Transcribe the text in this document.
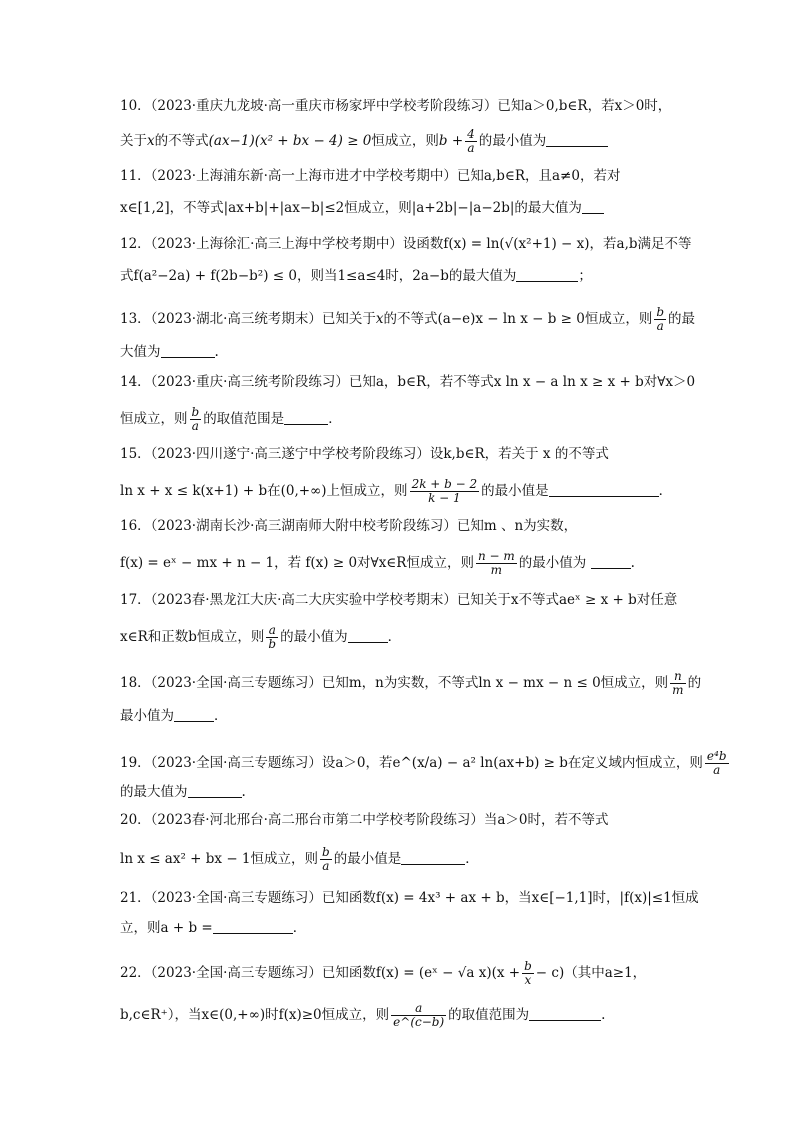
10．（2023·重庆九龙坡·高一重庆市杨家坪中学校考阶段练习）已知a＞0,b∈R，若x＞0时，
关于x的不等式(ax−1)(x² + bx − 4) ≥ 0恒成立，则$b + \frac{4}{a}$ 的最小值为
11．（2023·上海浦东新·高一上海市进才中学校考期中）已知a,b∈R，且a≠0，若对
x∈[1,2]，不等式|ax+b|+|ax−b|≤2恒成立，则|a+2b|−|a−2b|的最大值为
12．（2023·上海徐汇·高三上海中学校考期中）设函数f(x) = ln(√(x²+1) − x)，若a,b满足不等
式f(a²−2a) + f(2b−b²) ≤ 0，则当1≤a≤4时，2a−b的最大值为	；
13．（2023·湖北·高三统考期末）已知关于x的不等式(a−e)x − ln x − b ≥ 0恒成立，则 $\frac{b}{a}$ 的最
大值为	.
14．（2023·重庆·高三统考阶段练习）已知a，b∈R，若不等式x ln x − a ln x ≥ x + b对∀x＞0
恒成立，则 $\frac{b}{a}$ 的取值范围是	．
15．（2023·四川遂宁·高三遂宁中学校考阶段练习）设k,b∈R，若关于 x 的不等式
ln x + x ≤ k(x+1) + b在(0,+∞)上恒成立，则 $\frac{2k + b - 2}{k - 1}$ 的最小值是	．
16．（2023·湖南长沙·高三湖南师大附中校考阶段练习）已知m 、n为实数，
f(x) = eˣ − mx + n − 1，若 f(x) ≥ 0对∀x∈R恒成立，则 $\frac{n - m}{m}$ 的最小值为	.
17．（2023春·黑龙江大庆·高二大庆实验中学校考期末）已知关于x不等式aeˣ ≥ x + b对任意
x∈R和正数b恒成立，则 $\frac{a}{b}$ 的最小值为	．
18．（2023·全国·高三专题练习）已知m，n为实数，不等式ln x − mx − n ≤ 0恒成立，则 $\frac{n}{m}$ 的
最小值为	．
19．（2023·全国·高三专题练习）设a＞0，若e^(x/a) − a² ln(ax+b) ≥ b在定义域内恒成立，则 $\frac{\text{e⁴b}}{a}$
的最大值为	.
20．（2023春·河北邢台·高二邢台市第二中学校考阶段练习）当a＞0时，若不等式
ln x ≤ ax² + bx − 1恒成立，则 $\frac{b}{a}$ 的最小值是	．
21．（2023·全国·高三专题练习）已知函数f(x) = 4x³ + ax + b，当x∈[−1,1]时，|f(x)|≤1恒成
立，则a + b =	．
22．（2023·全国·高三专题练习）已知函数f(x) = (eˣ − √a $x)(x + \frac{b}{x} - c)$（其中a≥1，
b,c∈R⁺），当x∈(0,+∞)时f(x)≥0恒成立，则 $\frac{a}{e\^{}(c-b)}$ 的取值范围为	.
